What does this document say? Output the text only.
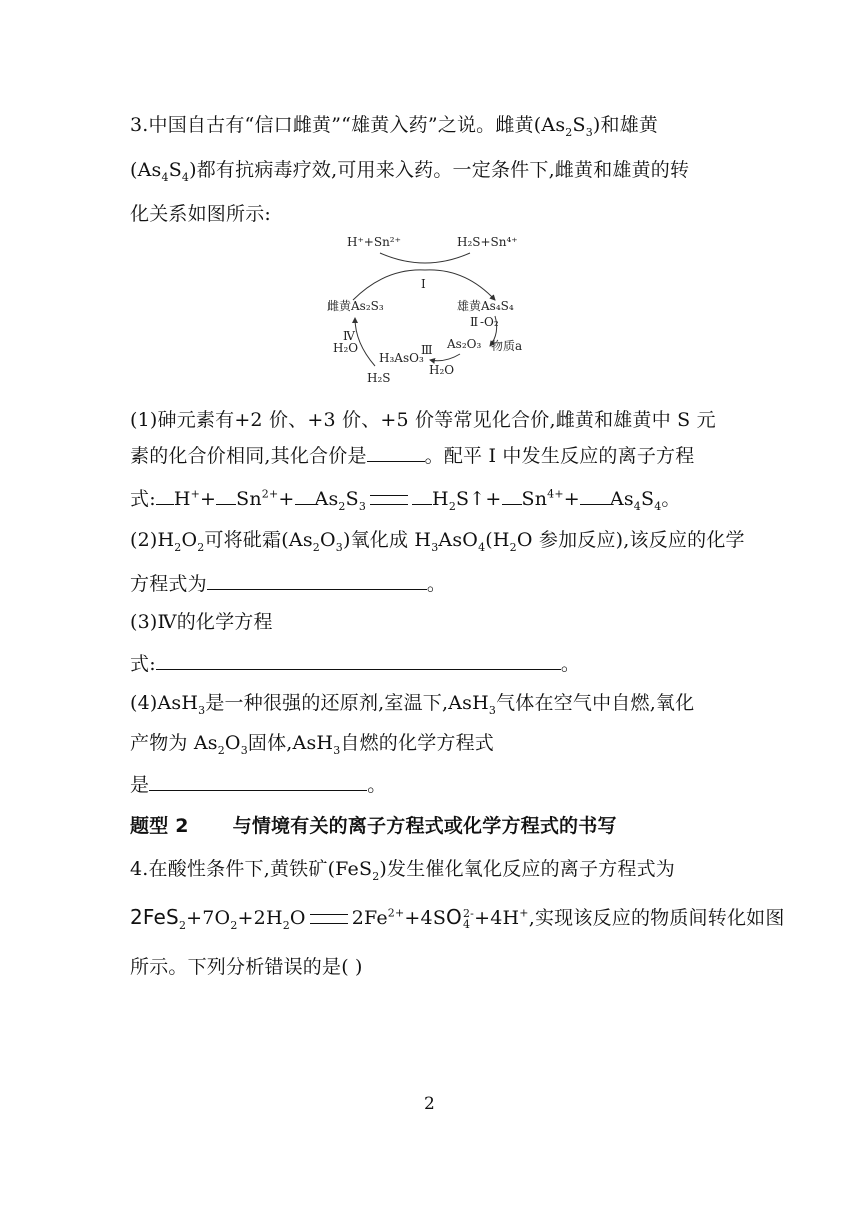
3.中国自古有“信口雌黄”“雄黄入药”之说。雌黄$(As_2S_3)$和雄黄
$(As_4S_4)$都有抗病毒疗效,可用来入药。一定条件下,雌黄和雄黄的转
化关系如图所示:
H⁺+Sn²⁺	H₂S+Sn⁴⁺
I
雌黄As₂S₃	雄黄As₄S₄
Ⅱ -O₂
Ⅳ
H₂O
H₃AsO₃
Ⅲ As₂O₃ 物质a
H₂O
H₂S
(1)砷元素有+2 价、+3 价、+5 价等常见化合价,雌黄和雄黄中 S 元
素的化合价相同,其化合价是	。配平 I 中发生反应的离子方程
式: $H^++ Sn^{2+}+ As_2S_3$	$H_2S↑+ Sn^{4+}+ As_4S_4$。
$(2)H_2O_2$可将砒霜$(As_2O_3)$氧化成 $H_3AsO_4(H_2O$ 参加反应),该反应的化学
方程式为	。
(3)Ⅳ的化学方程
式:	。
(4)AsH$_3$是一种很强的还原剂,室温下,AsH$_3$气体在空气中自燃,氧化
产物为 $As_2O_3$固体,AsH$_3$自燃的化学方程式
是	。
题型 2 与情境有关的离子方程式或化学方程式的书写
4.在酸性条件下,黄铁矿(FeS$_2$)发生催化氧化反应的离子方程式为
$2FeS_2+7O_2+2H_2O$ $2Fe^{2+}+4SO$ 2-
4 +4H+,实现该反应的物质间转化如图
所示。下列分析错误的是( )
2
